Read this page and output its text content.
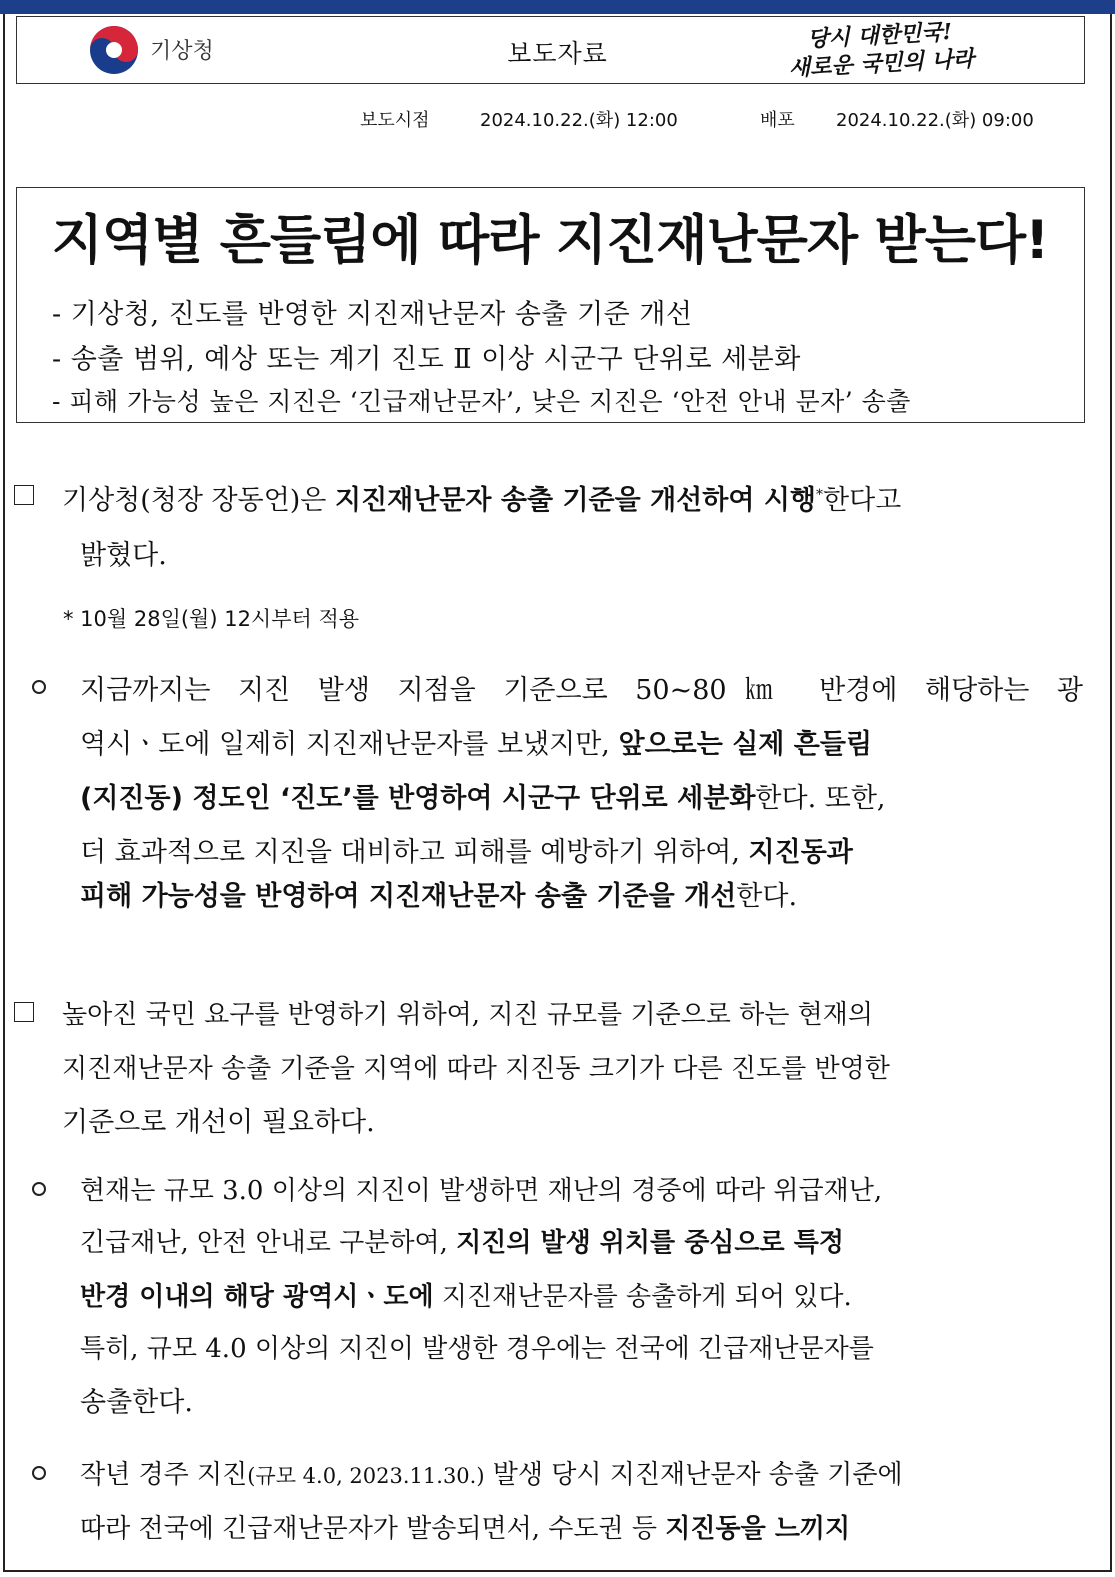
기상청	보도자료
당시 대한민국!
새로운 국민의 나라
보도시점	2024.10.22.(화) 12:00	배포 2024.10.22.(화) 09:00
지역별 흔들림에 따라 지진재난문자 받는다!
- 기상청, 진도를 반영한 지진재난문자 송출 기준 개선
- 송출 범위, 예상 또는 계기 진도 Ⅱ 이상 시군구 단위로 세분화
- 피해 가능성 높은 지진은 ‘긴급재난문자’, 낮은 지진은 ‘안전 안내 문자’ 송출
기상청(청장 장동언)은 지진재난문자 송출 기준을 개선하여 시행*한다고
밝혔다.
* 10월 28일(월) 12시부터 적용
지금까지는 지진 발생 지점을 기준으로 50~80㎞ 반경에 해당하는 광
역시ㆍ도에 일제히 지진재난문자를 보냈지만, 앞으로는 실제 흔들림
(지진동) 정도인 ‘진도’를 반영하여 시군구 단위로 세분화한다. 또한,
더 효과적으로 지진을 대비하고 피해를 예방하기 위하여, 지진동과
피해 가능성을 반영하여 지진재난문자 송출 기준을 개선한다.
높아진 국민 요구를 반영하기 위하여, 지진 규모를 기준으로 하는 현재의
지진재난문자 송출 기준을 지역에 따라 지진동 크기가 다른 진도를 반영한
기준으로 개선이 필요하다.
현재는 규모 3.0 이상의 지진이 발생하면 재난의 경중에 따라 위급재난,
긴급재난, 안전 안내로 구분하여, 지진의 발생 위치를 중심으로 특정
반경 이내의 해당 광역시ㆍ도에 지진재난문자를 송출하게 되어 있다.
특히, 규모 4.0 이상의 지진이 발생한 경우에는 전국에 긴급재난문자를
송출한다.
작년 경주 지진(규모 4.0, 2023.11.30.) 발생 당시 지진재난문자 송출 기준에
따라 전국에 긴급재난문자가 발송되면서, 수도권 등 지진동을 느끼지
